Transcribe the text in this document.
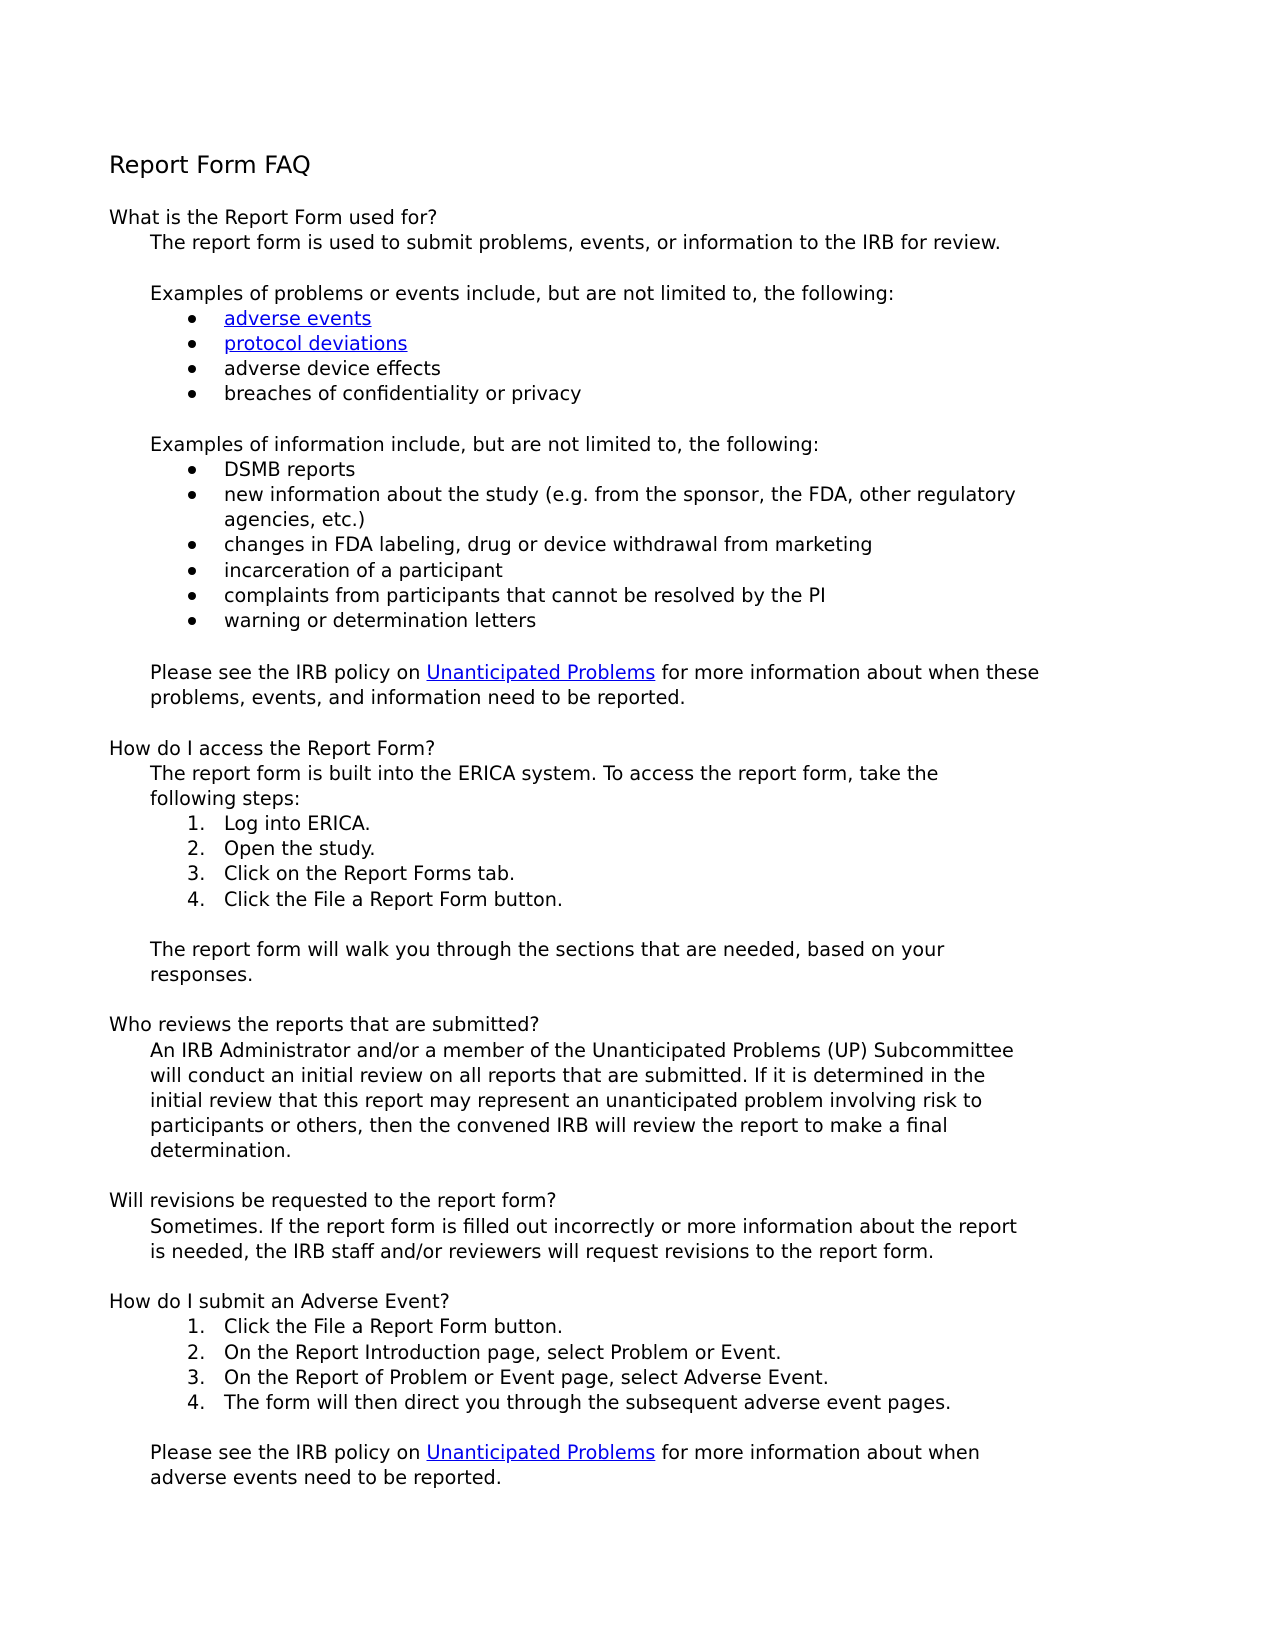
Report Form FAQ
What is the Report Form used for?
The report form is used to submit problems, events, or information to the IRB for review.
Examples of problems or events include, but are not limited to, the following:
adverse events
protocol deviations
adverse device effects
breaches of confidentiality or privacy
Examples of information include, but are not limited to, the following:
DSMB reports
new information about the study (e.g. from the sponsor, the FDA, other regulatory
agencies, etc.)
changes in FDA labeling, drug or device withdrawal from marketing
incarceration of a participant
complaints from participants that cannot be resolved by the PI
warning or determination letters
Please see the IRB policy on Unanticipated Problems for more information about when these
problems, events, and information need to be reported.
How do I access the Report Form?
The report form is built into the ERICA system. To access the report form, take the
following steps:
1. Log into ERICA.
2. Open the study.
3. Click on the Report Forms tab.
4. Click the File a Report Form button.
The report form will walk you through the sections that are needed, based on your
responses.
Who reviews the reports that are submitted?
An IRB Administrator and/or a member of the Unanticipated Problems (UP) Subcommittee
will conduct an initial review on all reports that are submitted. If it is determined in the
initial review that this report may represent an unanticipated problem involving risk to
participants or others, then the convened IRB will review the report to make a final
determination.
Will revisions be requested to the report form?
Sometimes. If the report form is filled out incorrectly or more information about the report
is needed, the IRB staff and/or reviewers will request revisions to the report form.
How do I submit an Adverse Event?
1. Click the File a Report Form button.
2. On the Report Introduction page, select Problem or Event.
3. On the Report of Problem or Event page, select Adverse Event.
4. The form will then direct you through the subsequent adverse event pages.
Please see the IRB policy on Unanticipated Problems for more information about when
adverse events need to be reported.
